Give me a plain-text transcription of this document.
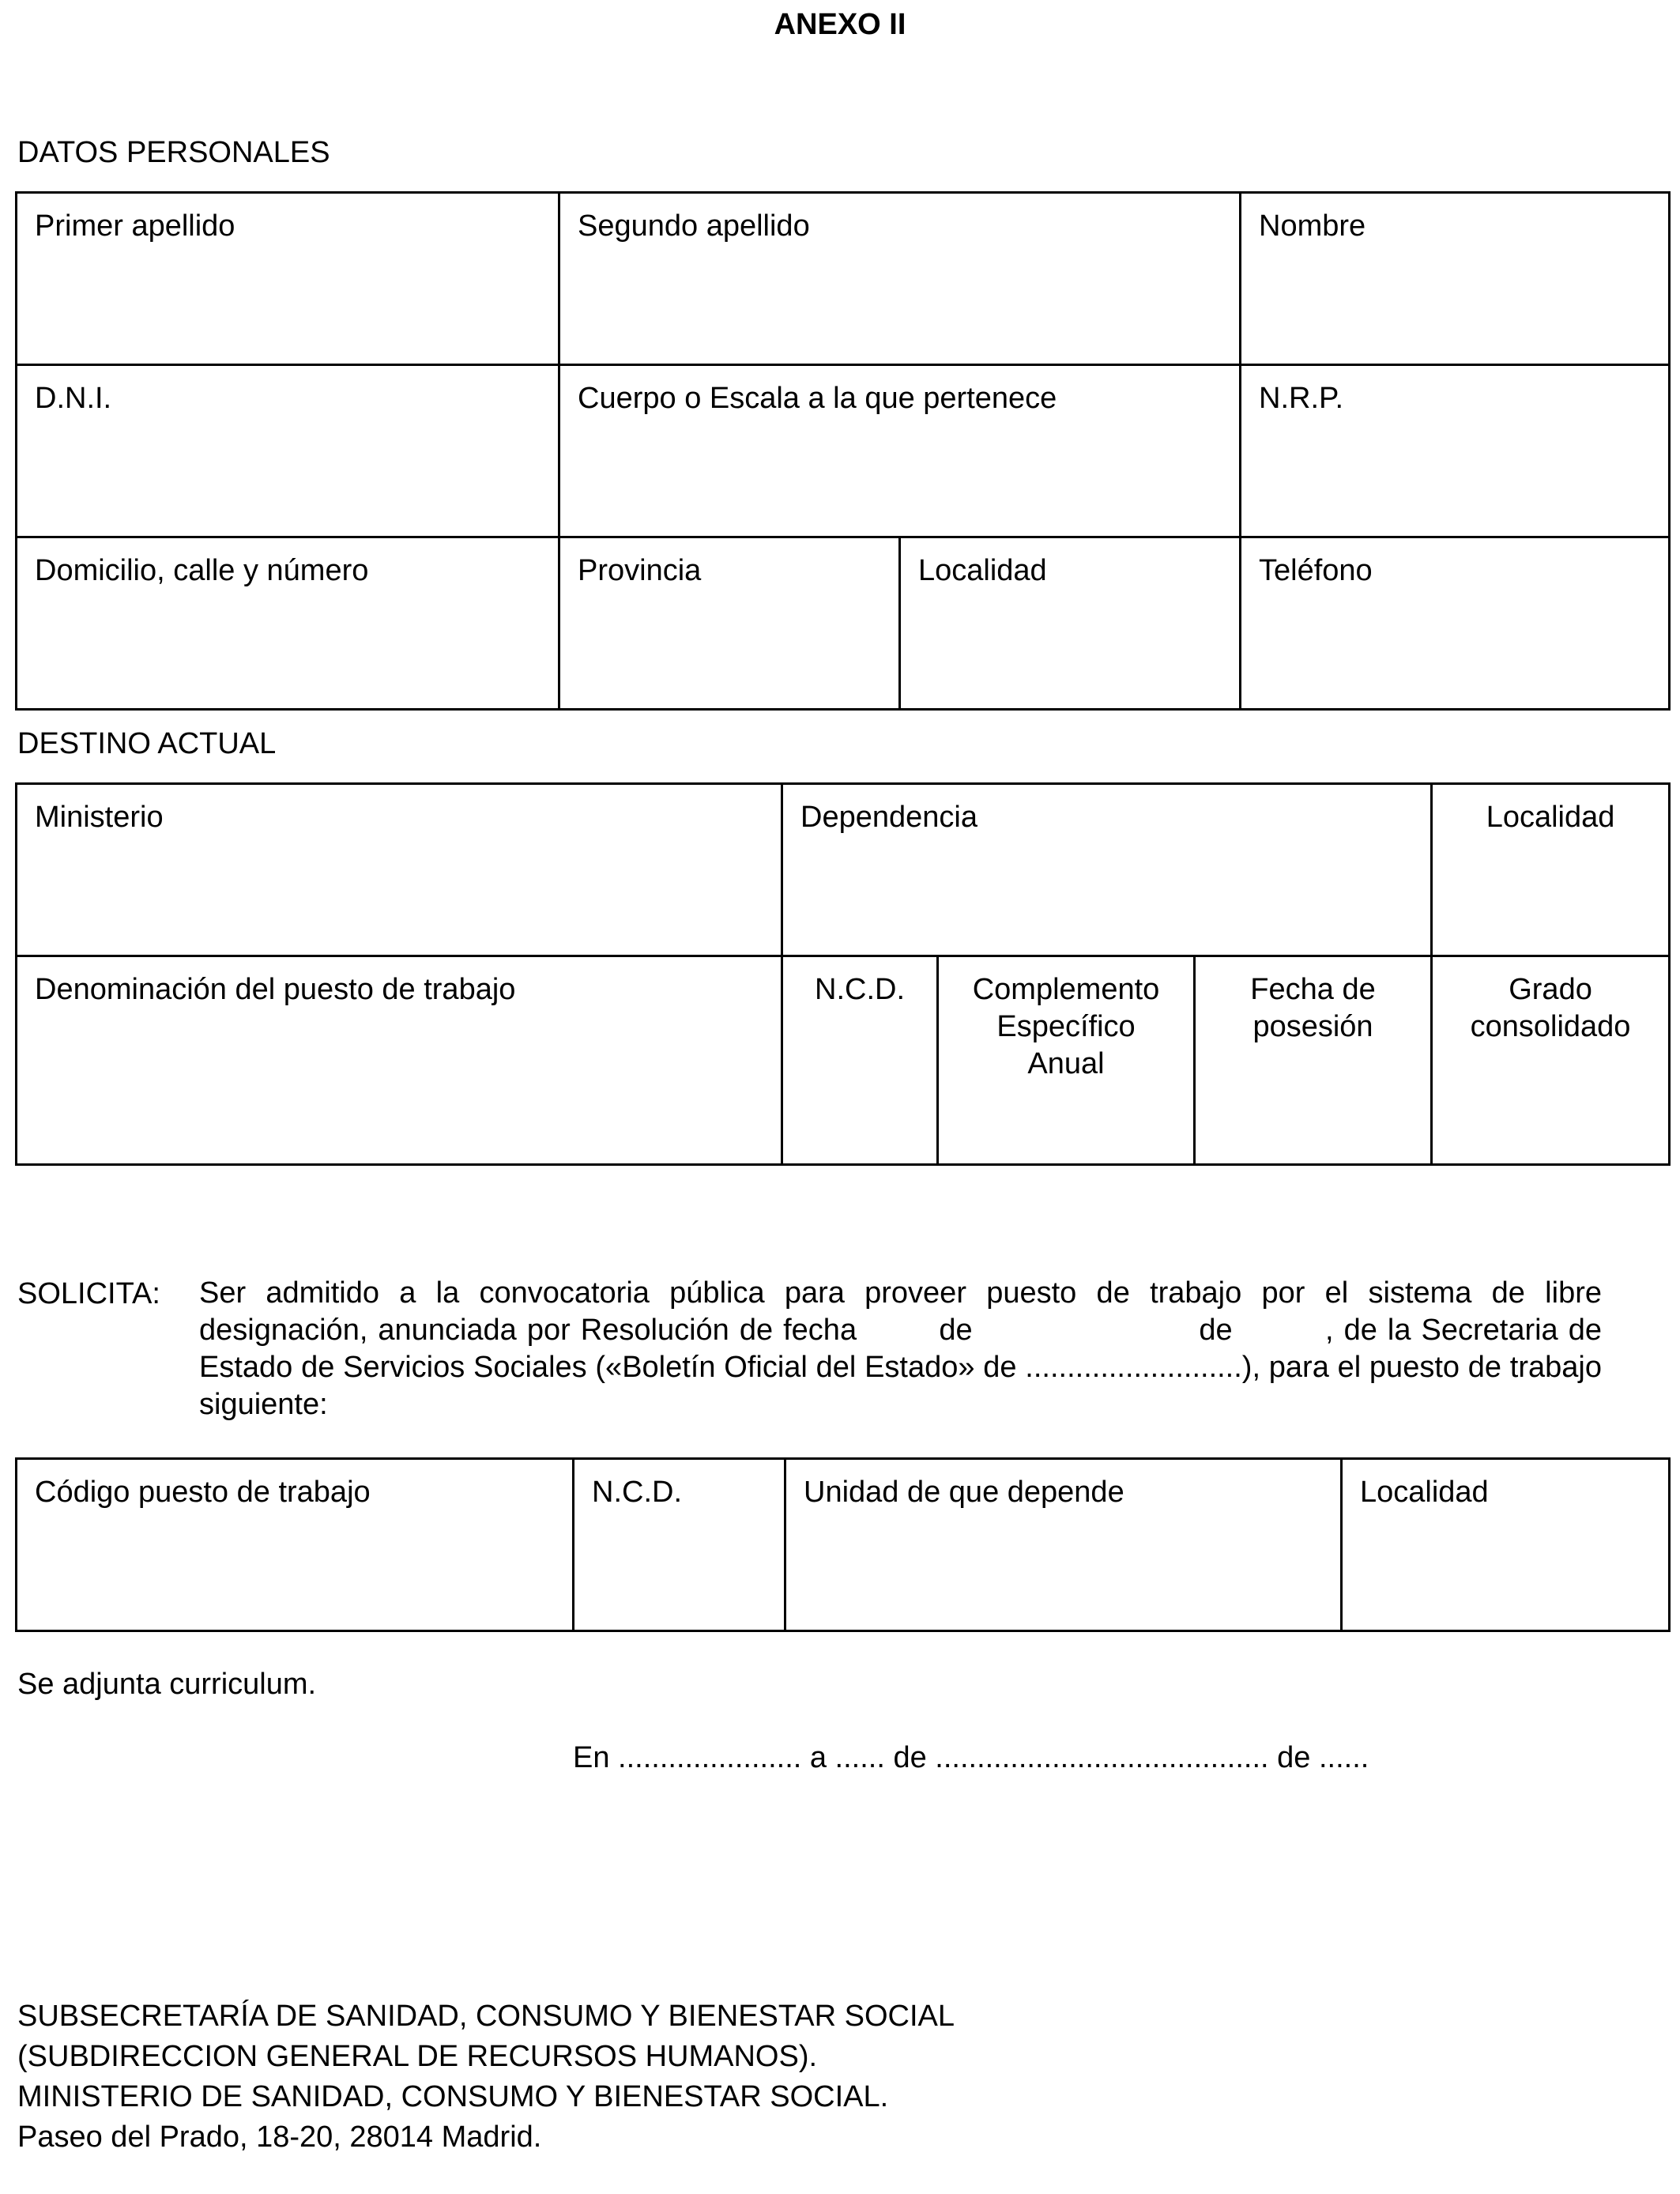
ANEXO II
DATOS PERSONALES
Primer apellido	Segundo apellido		Nombre
D.N.I.	Cuerpo o Escala a la que pertenece		N.R.P.
Domicilio, calle y número	Provincia	Localidad	Teléfono
DESTINO ACTUAL
Ministerio	Dependencia			Localidad
Denominación del puesto de trabajo	N.C.D.	Complemento Específico Anual	Fecha de posesión	Grado consolidado
SOLICITA: Ser admitido a la convocatoria pública para proveer puesto de trabajo por el sistema de libre designación, anunciada por Resolución de fecha        de                      de         , de la Secretaria de Estado de Servicios Sociales («Boletín Oficial del Estado» de ..........................), para el puesto de trabajo siguiente:
Código puesto de trabajo	N.C.D.	Unidad de que depende	Localidad
Se adjunta curriculum.
En ...................... a ...... de ........................................ de ......
SUBSECRETARÍA DE SANIDAD, CONSUMO Y BIENESTAR SOCIAL
(SUBDIRECCION GENERAL DE RECURSOS HUMANOS).
MINISTERIO DE SANIDAD, CONSUMO Y BIENESTAR SOCIAL.
Paseo del Prado, 18-20, 28014 Madrid.
